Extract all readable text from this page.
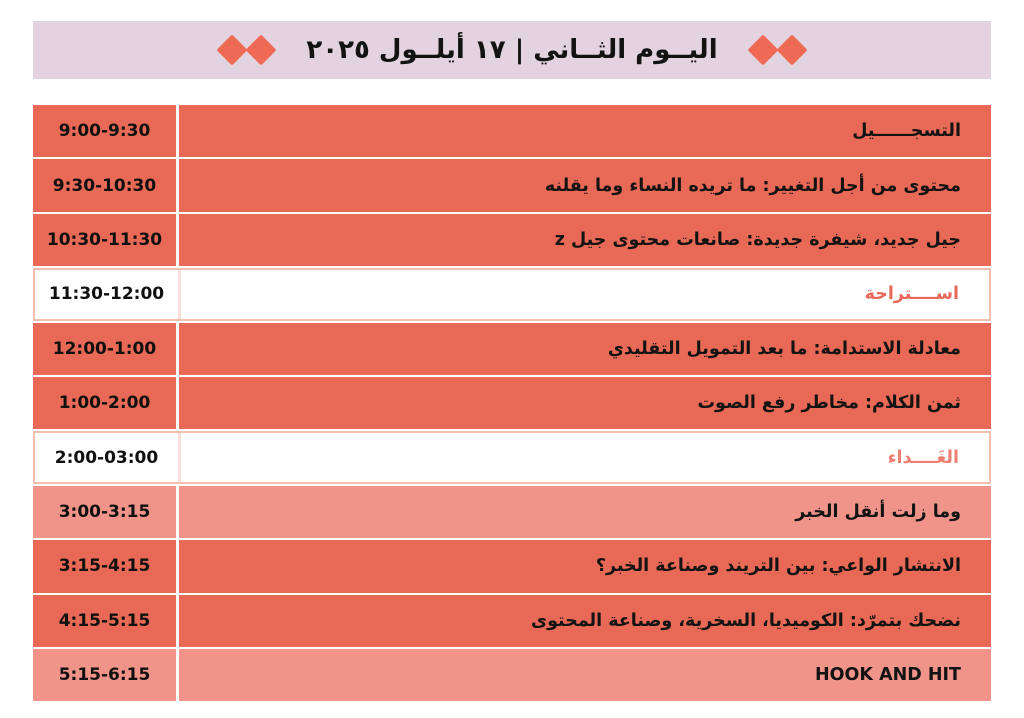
اليــوم الثــاني | ١٧ أيلــول ٢٠٢٥
9:00-9:30	التسجــــــيل
9:30-10:30	محتوى من أجل التغيير: ما تريده النساء وما يقلنه
10:30-11:30	جيل جديد، شيفرة جديدة: صانعات محتوى جيل z
11:30-12:00	اســــتراحة
12:00-1:00	معادلة الاستدامة: ما بعد التمويل التقليدي
1:00-2:00	ثمن الكلام: مخاطر رفع الصوت
2:00-03:00	الغَــــداء
3:00-3:15	وما زلت أنقل الخبر
3:15-4:15	الانتشار الواعي: بين التريند وصناعة الخبر؟
4:15-5:15	نضحك بتمرّد: الكوميديا، السخرية، وصناعة المحتوى
5:15-6:15	HOOK AND HIT
